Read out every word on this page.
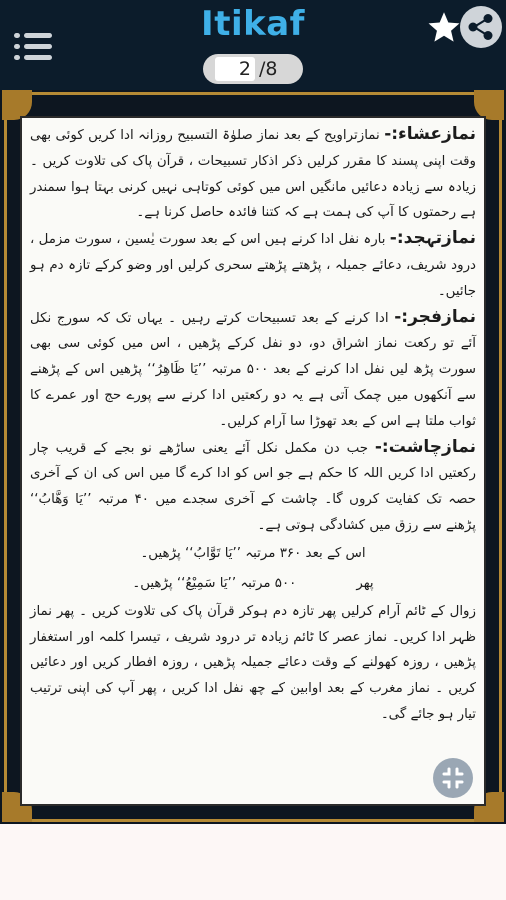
Itikaf
2 /8

نمازعشاء:- نمازتراویح کے بعد نماز صلوٰۃ التسبیح روزانہ ادا کریں کوئی بھی وقت اپنی پسند کا مقرر کرلیں ذکر اذکار تسبیحات ، قرآن پاک کی تلاوت کریں ۔ زیادہ سے زیادہ دعائیں مانگیں اس میں کوئی کوتاہی نہیں کرنی بہتا ہوا سمندر ہے رحمتوں کا آپ کی ہمت ہے کہ کتنا فائدہ حاصل کرنا ہے۔

نمازتہجد:- بارہ نفل ادا کرنے ہیں اس کے بعد سورت یٰسین ، سورت مزمل ، درود شریف، دعائے جمیلہ ، پڑھتے پڑھتے سحری کرلیں اور وضو کرکے تازہ دم ہو جائیں۔

نمازفجر:- ادا کرنے کے بعد تسبیحات کرتے رہیں ۔ یہاں تک کہ سورج نکل آئے تو رکعت نماز اشراق دو، دو نفل کرکے پڑھیں ، اس میں کوئی سی بھی سورت پڑھ لیں نفل ادا کرنے کے بعد ۵۰۰ مرتبہ ’’یَا ظَاھِرُ‘‘ پڑھیں اس کے پڑھنے سے آنکھوں میں چمک آتی ہے یہ دو رکعتیں ادا کرنے سے پورے حج اور عمرے کا ثواب ملتا ہے اس کے بعد تھوڑا سا آرام کرلیں۔

نمازچاشت:- جب دن مکمل نکل آئے یعنی ساڑھے نو بجے کے قریب چار رکعتیں ادا کریں اللہ کا حکم ہے جو اس کو ادا کرے گا میں اس کی ان کے آخری حصہ تک کفایت کروں گا۔ چاشت کے آخری سجدے میں ۴۰ مرتبہ ’’یَا وَھَّابُ‘‘ پڑھنے سے رزق میں کشادگی ہوتی ہے۔

اس کے بعد ۳۶۰ مرتبہ ’’یَا تَوَّابُ‘‘ پڑھیں۔

پھر۵۰۰ مرتبہ ’’یَا سَمِیْعُ‘‘ پڑھیں۔

زوال کے ٹائم آرام کرلیں پھر تازہ دم ہوکر قرآن پاک کی تلاوت کریں ۔ پھر نماز ظہر ادا کریں۔ نماز عصر کا ٹائم زیادہ تر درود شریف ، تیسرا کلمہ اور استغفار پڑھیں ، روزہ کھولنے کے وقت دعائے جمیلہ پڑھیں ، روزہ افطار کریں اور دعائیں کریں ۔ نماز مغرب کے بعد اوابین کے چھ نفل ادا کریں ، پھر آپ کی اپنی ترتیب تیار ہو جائے گی۔
